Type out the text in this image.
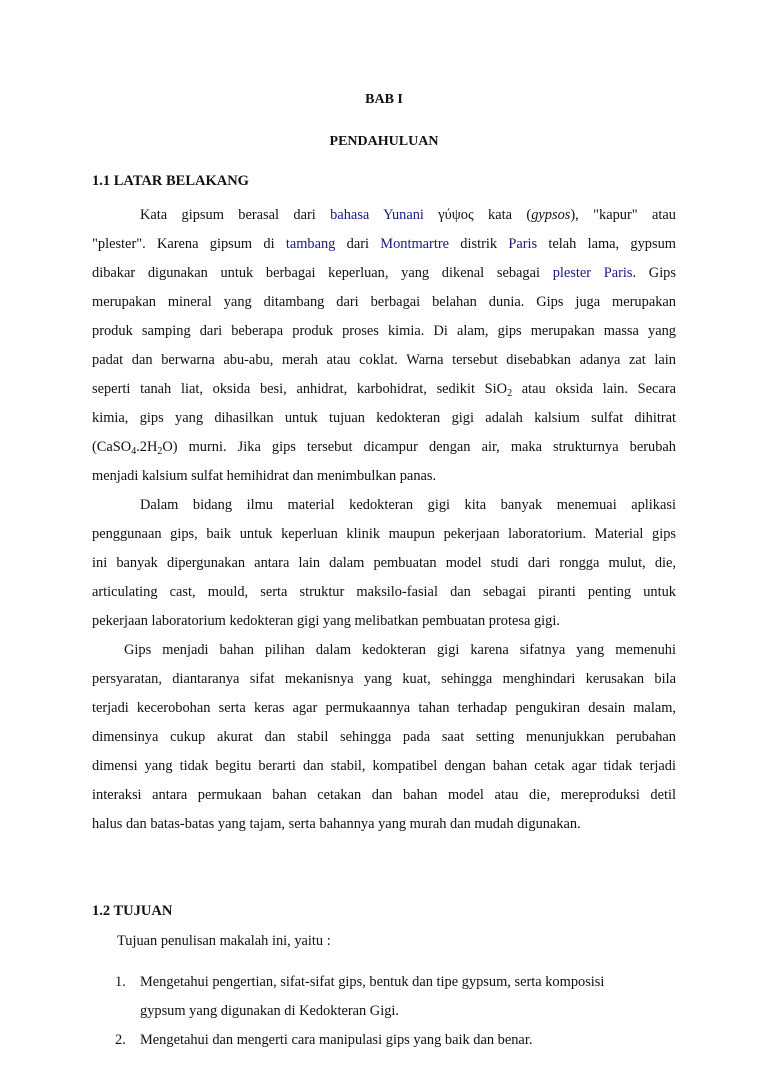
BAB I
PENDAHULUAN
1.1 LATAR BELAKANG
Kata gipsum berasal dari bahasa Yunani γύψος kata (gypsos), "kapur" atau
"plester". Karena gipsum di tambang dari Montmartre distrik Paris telah lama, gypsum
dibakar digunakan untuk berbagai keperluan, yang dikenal sebagai plester Paris. Gips
merupakan mineral yang ditambang dari berbagai belahan dunia. Gips juga merupakan
produk samping dari beberapa produk proses kimia. Di alam, gips merupakan massa yang
padat dan berwarna abu-abu, merah atau coklat. Warna tersebut disebabkan adanya zat lain
seperti tanah liat, oksida besi, anhidrat, karbohidrat, sedikit SiO$_2$ atau oksida lain. Secara
kimia, gips yang dihasilkan untuk tujuan kedokteran gigi adalah kalsium sulfat dihitrat
$(CaSO_4.2H_2O)$ murni. Jika gips tersebut dicampur dengan air, maka strukturnya berubah
menjadi kalsium sulfat hemihidrat dan menimbulkan panas.
Dalam bidang ilmu material kedokteran gigi kita banyak menemuai aplikasi
penggunaan gips, baik untuk keperluan klinik maupun pekerjaan laboratorium. Material gips
ini banyak dipergunakan antara lain dalam pembuatan model studi dari rongga mulut, die,
articulating cast, mould, serta struktur maksilo-fasial dan sebagai piranti penting untuk
pekerjaan laboratorium kedokteran gigi yang melibatkan pembuatan protesa gigi.
Gips menjadi bahan pilihan dalam kedokteran gigi karena sifatnya yang memenuhi
persyaratan, diantaranya sifat mekanisnya yang kuat, sehingga menghindari kerusakan bila
terjadi kecerobohan serta keras agar permukaannya tahan terhadap pengukiran desain malam,
dimensinya cukup akurat dan stabil sehingga pada saat setting menunjukkan perubahan
dimensi yang tidak begitu berarti dan stabil, kompatibel dengan bahan cetak agar tidak terjadi
interaksi antara permukaan bahan cetakan dan bahan model atau die, mereproduksi detil
halus dan batas-batas yang tajam, serta bahannya yang murah dan mudah digunakan.
1.2 TUJUAN
Tujuan penulisan makalah ini, yaitu :
1. Mengetahui pengertian, sifat-sifat gips, bentuk dan tipe gypsum, serta komposisi
gypsum yang digunakan di Kedokteran Gigi.
2. Mengetahui dan mengerti cara manipulasi gips yang baik dan benar.
